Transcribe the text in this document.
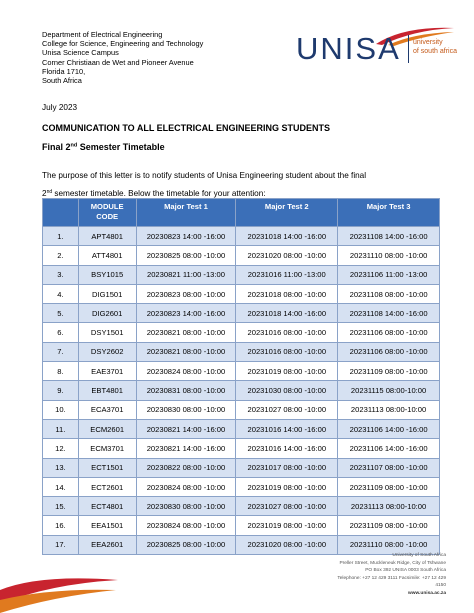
Department of Electrical Engineering
College for Science, Engineering and Technology
Unisa Science Campus
Corner Christiaan de Wet and Pioneer Avenue
Florida 1710,
South Africa
UNISA university
of south africa
July 2023
COMMUNICATION TO ALL ELECTRICAL ENGINEERING STUDENTS
Final 2nd Semester Timetable
The purpose of this letter is to notify students of Unisa Engineering student about the final
2nd semester timetable. Below the timetable for your attention:

	MODULE
CODE	Major Test 1	Major Test 2	Major Test 3
1.	APT4801	20230823 14:00 -16:00	20231018 14:00 -16:00	20231108 14:00 -16:00
2.	ATT4801	20230825 08:00 -10:00	20231020 08:00 -10:00	20231110 08:00 -10:00
3.	BSY1015	20230821 11:00 -13:00	20231016 11:00 -13:00	20231106 11:00 -13:00
4.	DIG1501	20230823 08:00 -10:00	20231018 08:00 -10:00	20231108 08:00 -10:00
5.	DIG2601	20230823 14:00 -16:00	20231018 14:00 -16:00	20231108 14:00 -16:00
6.	DSY1501	20230821 08:00 -10:00	20231016 08:00 -10:00	20231106 08:00 -10:00
7.	DSY2602	20230821 08:00 -10:00	20231016 08:00 -10:00	20231106 08:00 -10:00
8.	EAE3701	20230824 08:00 -10:00	20231019 08:00 -10:00	20231109 08:00 -10:00
9.	EBT4801	20230831 08:00 -10:00	20231030 08:00 -10:00	20231115 08:00-10:00
10.	ECA3701	20230830 08:00 -10:00	20231027 08:00 -10:00	20231113 08:00-10:00
11.	ECM2601	20230821 14:00 -16:00	20231016 14:00 -16:00	20231106 14:00 -16:00
12.	ECM3701	20230821 14:00 -16:00	20231016 14:00 -16:00	20231106 14:00 -16:00
13.	ECT1501	20230822 08:00 -10:00	20231017 08:00 -10:00	20231107 08:00 -10:00
14.	ECT2601	20230824 08:00 -10:00	20231019 08:00 -10:00	20231109 08:00 -10:00
15.	ECT4801	20230830 08:00 -10:00	20231027 08:00 -10:00	20231113 08:00-10:00
16.	EEA1501	20230824 08:00 -10:00	20231019 08:00 -10:00	20231109 08:00 -10:00
17.	EEA2601	20230825 08:00 -10:00	20231020 08:00 -10:00	20231110 08:00 -10:00
University of South Africa
Preller Street, Muckleneuk Ridge, City of Tshwane
PO Box 392 UNISA 0003 South Africa
Telephone: +27 12 429 3111 Facsimile: +27 12 429 4150
www.unisa.ac.za
